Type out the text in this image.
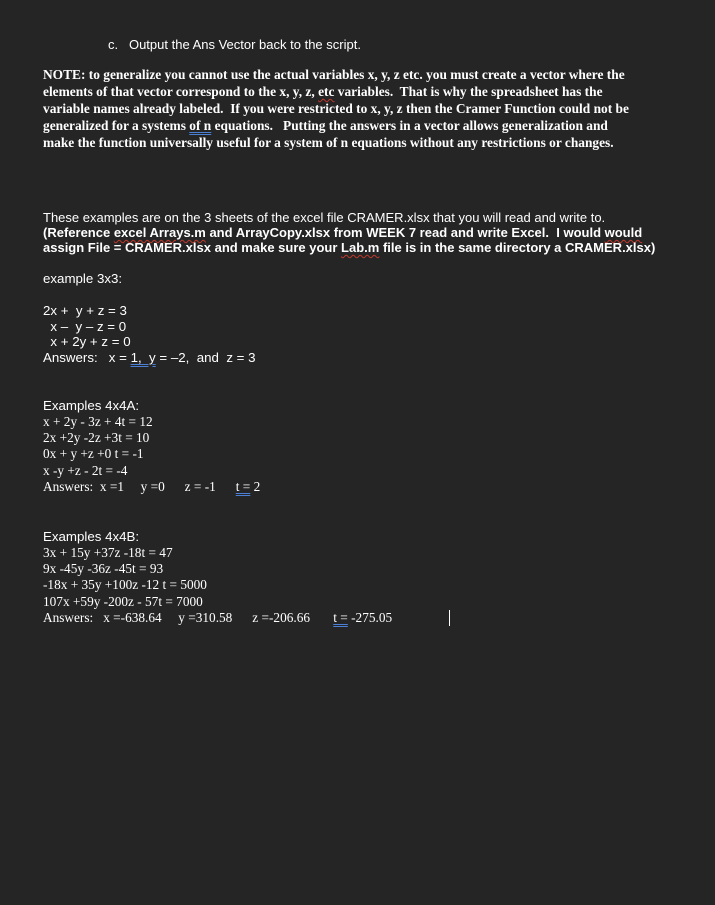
c. Output the Ans Vector back to the script.
NOTE: to generalize you cannot use the actual variables x, y, z etc. you must create a vector where the
elements of that vector correspond to the x, y, z, etc variables.  That is why the spreadsheet has the
variable names already labeled.  If you were restricted to x, y, z then the Cramer Function could not be
generalized for a systems of n equations.   Putting the answers in a vector allows generalization and
make the function universally useful for a system of n equations without any restrictions or changes.
These examples are on the 3 sheets of the excel file CRAMER.xlsx that you will read and write to.
(Reference excel Arrays.m and ArrayCopy.xlsx from WEEK 7 read and write Excel.  I would would
assign File = CRAMER.xlsx and make sure your Lab.m file is in the same directory a CRAMER.xlsx)
example 3x3:
2x +  y + z = 3
x –  y – z = 0
x + 2y + z = 0
Answers:   x = 1,  y = –2,  and  z = 3
Examples 4x4A:
x + 2y - 3z + 4t = 12
2x +2y -2z +3t = 10
0x + y +z +0 t = -1
x -y +z - 2t = -4
Answers:  x =1     y =0      z = -1      t = 2
Examples 4x4B:
3x + 15y +37z -18t = 47
9x -45y -36z -45t = 93
-18x + 35y +100z -12 t = 5000
107x +59y -200z - 57t = 7000
Answers:   x =-638.64     y =310.58      z =-206.66       t = -275.05
